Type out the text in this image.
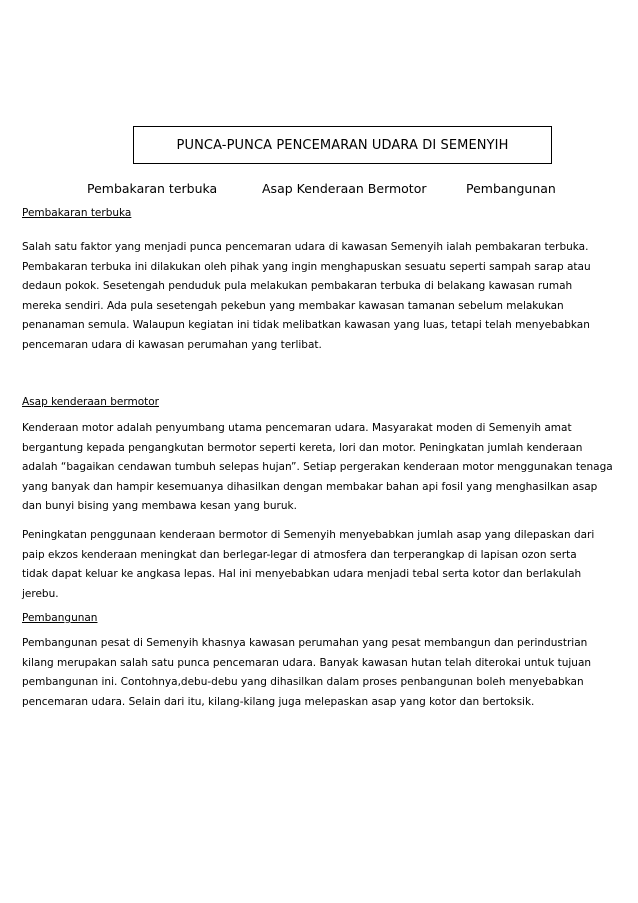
PUNCA-PUNCA PENCEMARAN UDARA DI SEMENYIH
Pembakaran terbuka	Asap Kenderaan Bermotor	Pembangunan
Pembakaran terbuka
Salah satu faktor yang menjadi punca pencemaran udara di kawasan Semenyih ialah pembakaran terbuka.
Pembakaran terbuka ini dilakukan oleh pihak yang ingin menghapuskan sesuatu seperti sampah sarap atau
dedaun pokok. Sesetengah penduduk pula melakukan pembakaran terbuka di belakang kawasan rumah
mereka sendiri. Ada pula sesetengah pekebun yang membakar kawasan tamanan sebelum melakukan
penanaman semula. Walaupun kegiatan ini tidak melibatkan kawasan yang luas, tetapi telah menyebabkan
pencemaran udara di kawasan perumahan yang terlibat.
Asap kenderaan bermotor
Kenderaan motor adalah penyumbang utama pencemaran udara. Masyarakat moden di Semenyih amat
bergantung kepada pengangkutan bermotor seperti kereta, lori dan motor. Peningkatan jumlah kenderaan
adalah “bagaikan cendawan tumbuh selepas hujan”. Setiap pergerakan kenderaan motor menggunakan tenaga
yang banyak dan hampir kesemuanya dihasilkan dengan membakar bahan api fosil yang menghasilkan asap
dan bunyi bising yang membawa kesan yang buruk.
Peningkatan penggunaan kenderaan bermotor di Semenyih menyebabkan jumlah asap yang dilepaskan dari
paip ekzos kenderaan meningkat dan berlegar-legar di atmosfera dan terperangkap di lapisan ozon serta
tidak dapat keluar ke angkasa lepas. Hal ini menyebabkan udara menjadi tebal serta kotor dan berlakulah
jerebu.
Pembangunan
Pembangunan pesat di Semenyih khasnya kawasan perumahan yang pesat membangun dan perindustrian
kilang merupakan salah satu punca pencemaran udara. Banyak kawasan hutan telah diterokai untuk tujuan
pembangunan ini. Contohnya,debu-debu yang dihasilkan dalam proses penbangunan boleh menyebabkan
pencemaran udara. Selain dari itu, kilang-kilang juga melepaskan asap yang kotor dan bertoksik.
